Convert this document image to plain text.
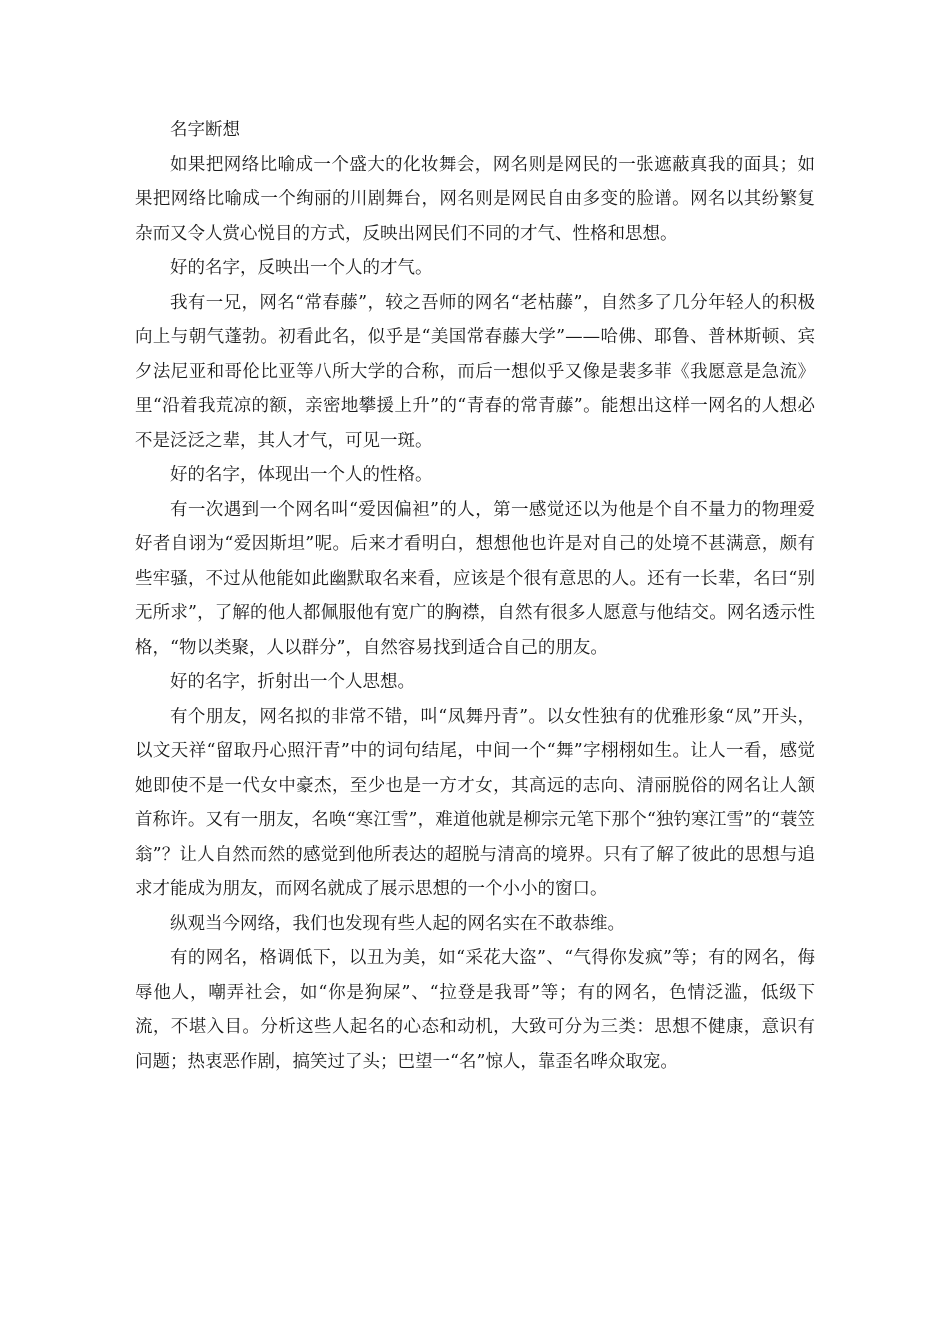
名字断想

如果把网络比喻成一个盛大的化妆舞会，网名则是网民的一张遮蔽真我的面具；如果把网络比喻成一个绚丽的川剧舞台，网名则是网民自由多变的脸谱。网名以其纷繁复杂而又令人赏心悦目的方式，反映出网民们不同的才气、性格和思想。

好的名字，反映出一个人的才气。

我有一兄，网名“常春藤”，较之吾师的网名“老枯藤”，自然多了几分年轻人的积极向上与朝气蓬勃。初看此名，似乎是“美国常春藤大学”——哈佛、耶鲁、普林斯顿、宾夕法尼亚和哥伦比亚等八所大学的合称，而后一想似乎又像是裴多菲《我愿意是急流》里“沿着我荒凉的额，亲密地攀援上升”的“青春的常青藤”。能想出这样一网名的人想必不是泛泛之辈，其人才气，可见一斑。

好的名字，体现出一个人的性格。

有一次遇到一个网名叫“爱因偏袒”的人，第一感觉还以为他是个自不量力的物理爱好者自诩为“爱因斯坦”呢。后来才看明白，想想他也许是对自己的处境不甚满意，颇有些牢骚，不过从他能如此幽默取名来看，应该是个很有意思的人。还有一长辈，名曰“别无所求”，了解的他人都佩服他有宽广的胸襟，自然有很多人愿意与他结交。网名透示性格，“物以类聚，人以群分”，自然容易找到适合自己的朋友。

好的名字，折射出一个人思想。

有个朋友，网名拟的非常不错，叫“凤舞丹青”。以女性独有的优雅形象“凤”开头，以文天祥“留取丹心照汗青”中的词句结尾，中间一个“舞”字栩栩如生。让人一看，感觉她即使不是一代女中豪杰，至少也是一方才女，其高远的志向、清丽脱俗的网名让人颔首称许。又有一朋友，名唤“寒江雪”，难道他就是柳宗元笔下那个“独钓寒江雪”的“蓑笠翁”？让人自然而然的感觉到他所表达的超脱与清高的境界。只有了解了彼此的思想与追求才能成为朋友，而网名就成了展示思想的一个小小的窗口。

纵观当今网络，我们也发现有些人起的网名实在不敢恭维。

有的网名，格调低下，以丑为美，如“采花大盗”、“气得你发疯”等；有的网名，侮辱他人，嘲弄社会，如“你是狗屎”、“拉登是我哥”等；有的网名，色情泛滥，低级下流，不堪入目。分析这些人起名的心态和动机，大致可分为三类：思想不健康，意识有问题；热衷恶作剧，搞笑过了头；巴望一“名”惊人，靠歪名哗众取宠。
